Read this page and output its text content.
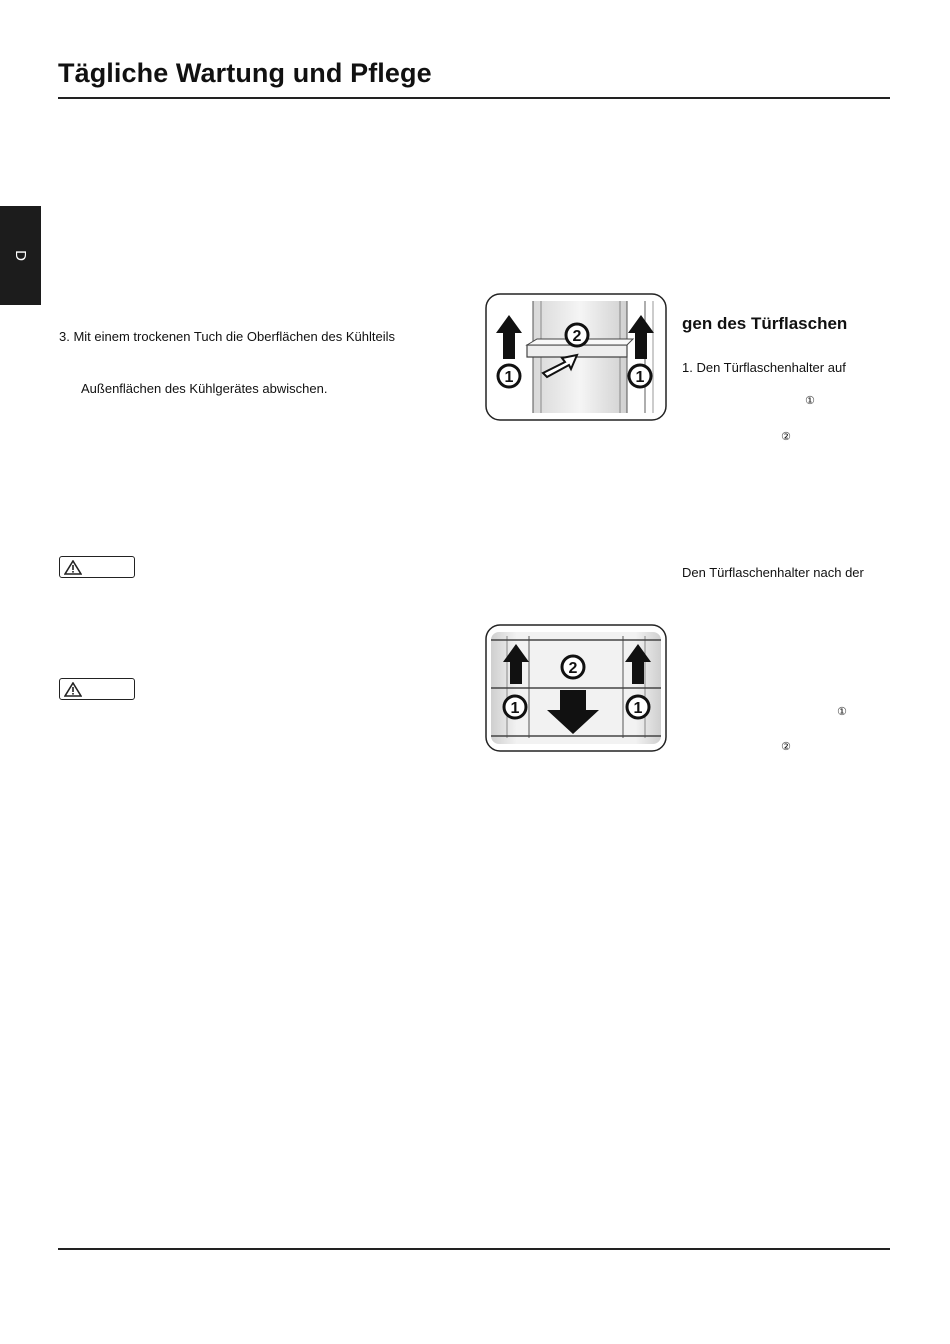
Tägliche Wartung und Pflege
D
3. Mit einem trockenen Tuch die Oberflächen des Kühlteils
Außenflächen des Kühlgerätes abwischen.
1
2
1
2
1	1
gen des Türflaschen
1. Den Türflaschenhalter auf
①
②
Den Türflaschenhalter nach der
①
②
